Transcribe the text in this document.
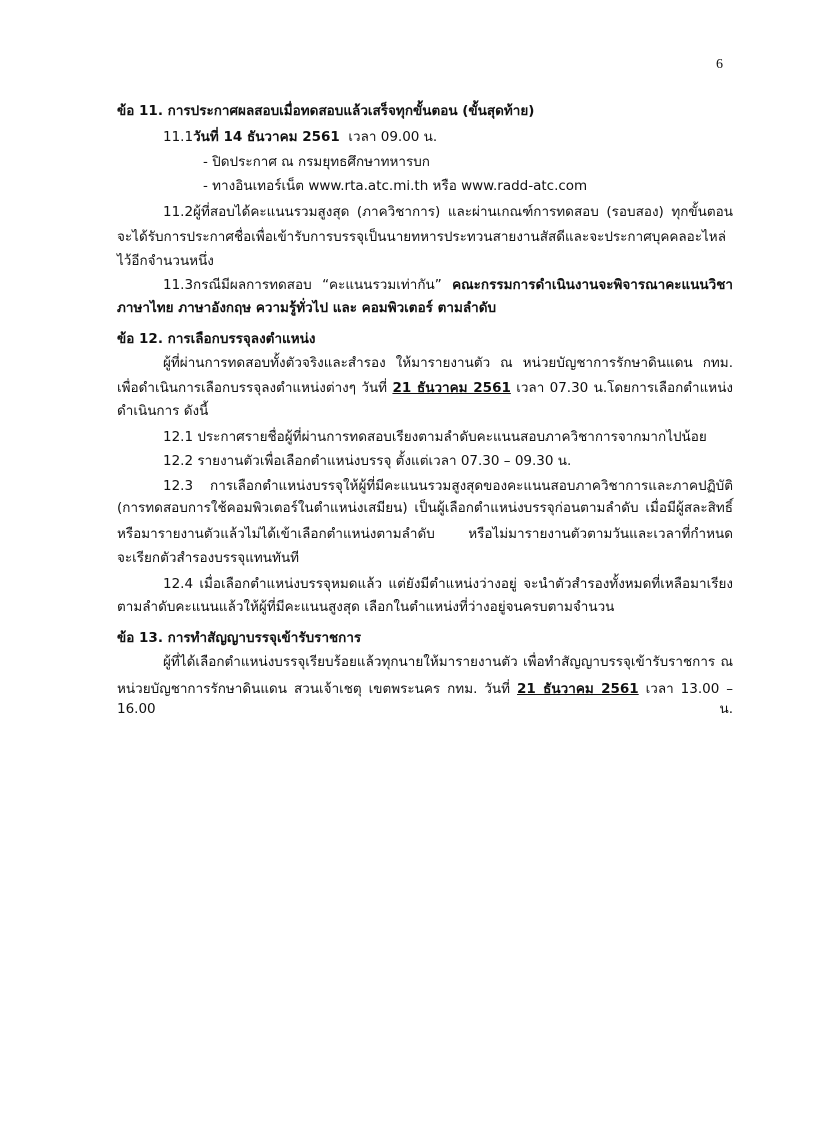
6
ข้อ 11. การประกาศผลสอบเมื่อทดสอบแล้วเสร็จทุกขั้นตอน (ขั้นสุดท้าย)
11.1วันที่ 14 ธันวาคม 2561 เวลา 09.00 น.
- ปิดประกาศ ณ กรมยุทธศึกษาทหารบก
- ทางอินเทอร์เน็ต www.rta.atc.mi.th หรือ www.radd-atc.com
11.2ผู้ที่สอบได้คะแนนรวมสูงสุด (ภาควิชาการ) และผ่านเกณฑ์การทดสอบ (รอบสอง) ทุกขั้นตอน
จะได้รับการประกาศชื่อเพื่อเข้ารับการบรรจุเป็นนายทหารประทวนสายงานสัสดีและจะประกาศบุคคลอะไหล่
ไว้อีกจำนวนหนึ่ง
11.3กรณีมีผลการทดสอบ “คะแนนรวมเท่ากัน” คณะกรรมการดำเนินงานจะพิจารณาคะแนนวิชา
ภาษาไทย ภาษาอังกฤษ ความรู้ทั่วไป และ คอมพิวเตอร์ ตามลำดับ
ข้อ 12. การเลือกบรรจุลงตำแหน่ง
ผู้ที่ผ่านการทดสอบทั้งตัวจริงและสำรอง ให้มารายงานตัว ณ หน่วยบัญชาการรักษาดินแดน กทม.
เพื่อดำเนินการเลือกบรรจุลงตำแหน่งต่างๆ วันที่ 21 ธันวาคม 2561 เวลา 07.30 น.โดยการเลือกตำแหน่ง
ดำเนินการ ดังนี้
12.1 ประกาศรายชื่อผู้ที่ผ่านการทดสอบเรียงตามลำดับคะแนนสอบภาควิชาการจากมากไปน้อย
12.2 รายงานตัวเพื่อเลือกตำแหน่งบรรจุ ตั้งแต่เวลา 07.30 – 09.30 น.
12.3 การเลือกตำแหน่งบรรจุให้ผู้ที่มีคะแนนรวมสูงสุดของคะแนนสอบภาควิชาการและภาคปฏิบัติ
(การทดสอบการใช้คอมพิวเตอร์ในตำแหน่งเสมียน) เป็นผู้เลือกตำแหน่งบรรจุก่อนตามลำดับ เมื่อมีผู้สละสิทธิ์
หรือมารายงานตัวแล้วไม่ได้เข้าเลือกตำแหน่งตามลำดับ หรือไม่มารายงานตัวตามวันและเวลาที่กำหนด
จะเรียกตัวสำรองบรรจุแทนทันที
12.4 เมื่อเลือกตำแหน่งบรรจุหมดแล้ว แต่ยังมีตำแหน่งว่างอยู่ จะนำตัวสำรองทั้งหมดที่เหลือมาเรียง
ตามลำดับคะแนนแล้วให้ผู้ที่มีคะแนนสูงสุด เลือกในตำแหน่งที่ว่างอยู่จนครบตามจำนวน
ข้อ 13. การทำสัญญาบรรจุเข้ารับราชการ
ผู้ที่ได้เลือกตำแหน่งบรรจุเรียบร้อยแล้วทุกนายให้มารายงานตัว เพื่อทำสัญญาบรรจุเข้ารับราชการ ณ
หน่วยบัญชาการรักษาดินแดน สวนเจ้าเชตุ เขตพระนคร กทม. วันที่ 21 ธันวาคม 2561 เวลา 13.00 – 16.00 น.
